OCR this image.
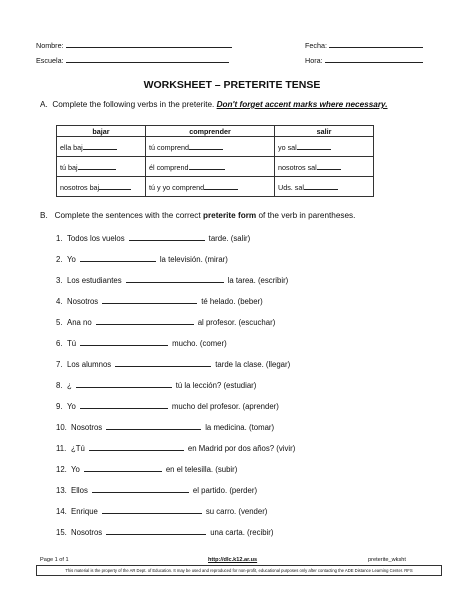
Nombre:	Fecha:
Escuela:	Hora:
WORKSHEET – PRETERITE TENSE
A. Complete the following verbs in the preterite. Don't forget accent marks where necessary.
bajar	comprender	salir
ella baj	tú comprend	yo sal
tú baj	él comprend	nosotros sal
nosotros baj	tú y yo comprend	Uds. sal
B. Complete the sentences with the correct preterite form of the verb in parentheses.
1. Todos los vuelos	tarde. (salir)
2. Yo	la televisión. (mirar)
3. Los estudiantes	la tarea. (escribir)
4. Nosotros	té helado. (beber)
5. Ana no	al profesor. (escuchar)
6. Tú	mucho. (comer)
7. Los alumnos	tarde la clase. (llegar)
8. ¿	tú la lección? (estudiar)
9. Yo	mucho del profesor. (aprender)
10. Nosotros	la medicina. (tomar)
11. ¿Tú	en Madrid por dos años? (vivir)
12. Yo	en el telesilla. (subir)
13. Ellos	el partido. (perder)
14. Enrique	su carro. (vender)
15. Nosotros	una carta. (recibir)
Page 1 of 1	http://dlc.k12.ar.us	preterite_wksht
This material is the property of the AR Dept. of Education. It may be used and reproduced for non-profit, educational purposes only after contacting the ADE Distance Learning Center. RFS
